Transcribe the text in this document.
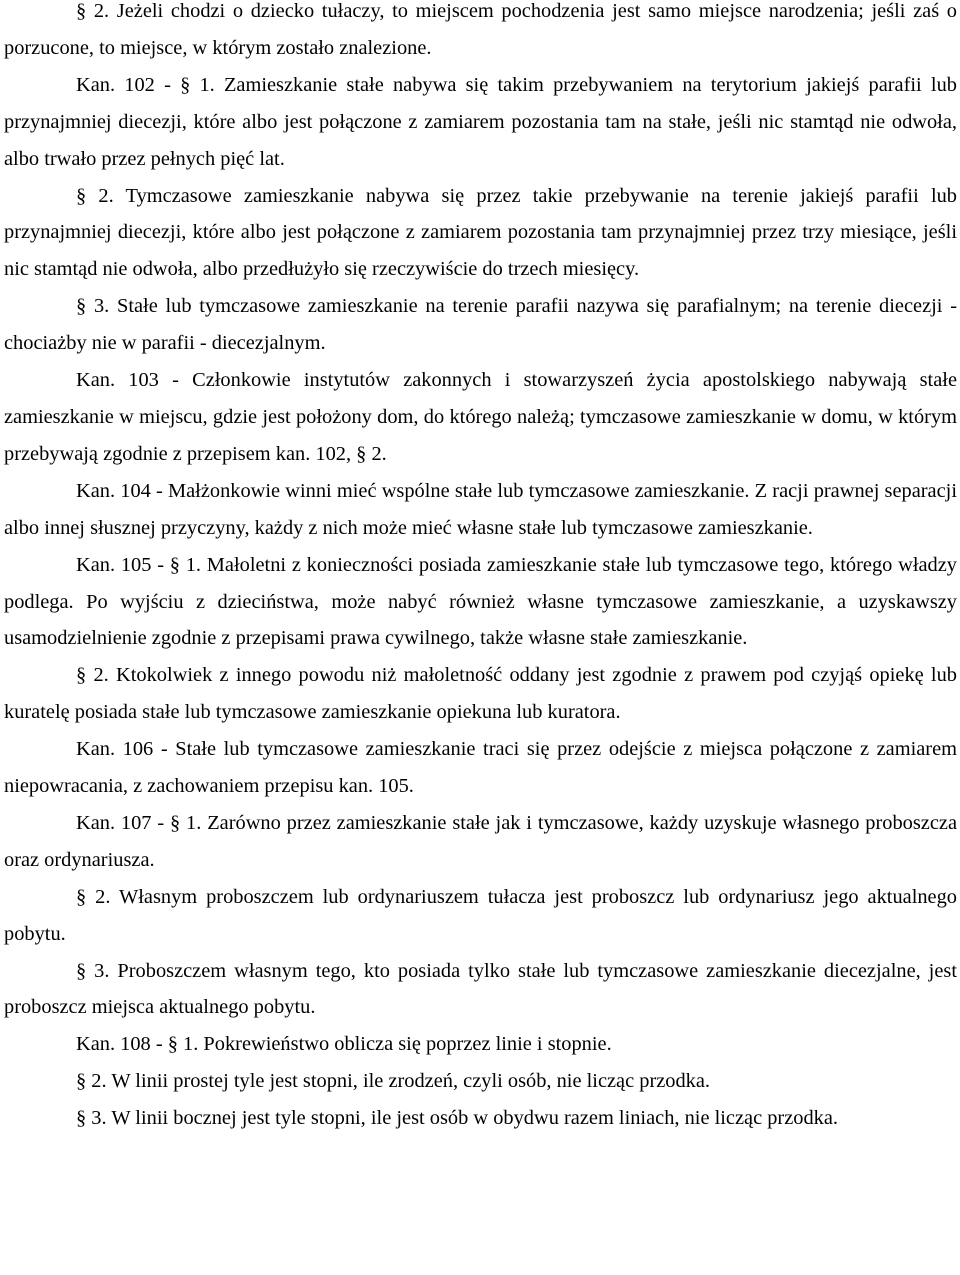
§ 2. Jeżeli chodzi o dziecko tułaczy, to miejscem pochodzenia jest samo miejsce narodzenia; jeśli zaś o porzucone, to miejsce, w którym zostało znalezione.

Kan. 102 - § 1. Zamieszkanie stałe nabywa się takim przebywaniem na terytorium jakiejś parafii lub przynajmniej diecezji, które albo jest połączone z zamiarem pozostania tam na stałe, jeśli nic stamtąd nie odwoła, albo trwało przez pełnych pięć lat.

§ 2. Tymczasowe zamieszkanie nabywa się przez takie przebywanie na terenie jakiejś parafii lub przynajmniej diecezji, które albo jest połączone z zamiarem pozostania tam przynajmniej przez trzy miesiące, jeśli nic stamtąd nie odwoła, albo przedłużyło się rzeczywiście do trzech miesięcy.

§ 3. Stałe lub tymczasowe zamieszkanie na terenie parafii nazywa się parafialnym; na terenie diecezji - chociażby nie w parafii - diecezjalnym.

Kan. 103 - Członkowie instytutów zakonnych i stowarzyszeń życia apostolskiego nabywają stałe zamieszkanie w miejscu, gdzie jest położony dom, do którego należą; tymczasowe zamieszkanie w domu, w którym przebywają zgodnie z przepisem kan. 102, § 2.

Kan. 104 - Małżonkowie winni mieć wspólne stałe lub tymczasowe zamieszkanie. Z racji prawnej separacji albo innej słusznej przyczyny, każdy z nich może mieć własne stałe lub tymczasowe zamieszkanie.

Kan. 105 - § 1. Małoletni z konieczności posiada zamieszkanie stałe lub tymczasowe tego, którego władzy podlega. Po wyjściu z dzieciństwa, może nabyć również własne tymczasowe zamieszkanie, a uzyskawszy usamodzielnienie zgodnie z przepisami prawa cywilnego, także własne stałe zamieszkanie.

§ 2. Ktokolwiek z innego powodu niż małoletność oddany jest zgodnie z prawem pod czyjąś opiekę lub kuratelę posiada stałe lub tymczasowe zamieszkanie opiekuna lub kuratora.

Kan. 106 - Stałe lub tymczasowe zamieszkanie traci się przez odejście z miejsca połączone z zamiarem niepowracania, z zachowaniem przepisu kan. 105.

Kan. 107 - § 1. Zarówno przez zamieszkanie stałe jak i tymczasowe, każdy uzyskuje własnego proboszcza oraz ordynariusza.

§ 2. Własnym proboszczem lub ordynariuszem tułacza jest proboszcz lub ordynariusz jego aktualnego pobytu.

§ 3. Proboszczem własnym tego, kto posiada tylko stałe lub tymczasowe zamieszkanie diecezjalne, jest proboszcz miejsca aktualnego pobytu.

Kan. 108 - § 1. Pokrewieństwo oblicza się poprzez linie i stopnie.

§ 2. W linii prostej tyle jest stopni, ile zrodzeń, czyli osób, nie licząc przodka.

§ 3. W linii bocznej jest tyle stopni, ile jest osób w obydwu razem liniach, nie licząc przodka.
